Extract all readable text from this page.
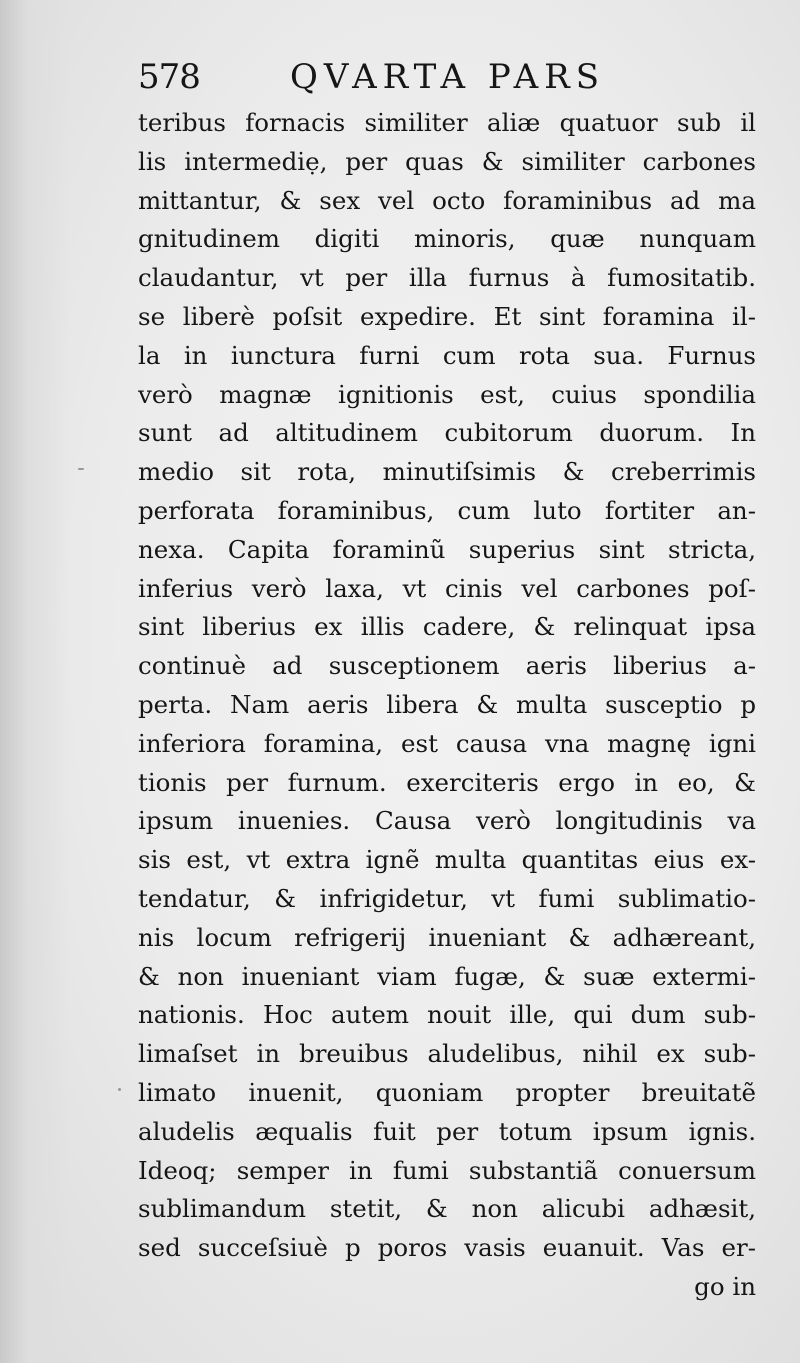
578	QVARTA PARS
teribus fornacis similiter aliæ quatuor sub il
lis intermediẹ, per quas & similiter carbones
mittantur, & sex vel octo foraminibus ad ma
gnitudinem digiti minoris, quæ nunquam
claudantur, vt per illa furnus à fumositatib.
se liberè poſsit expedire. Et sint foramina il-
la in iunctura furni cum rota sua. Furnus
verò magnæ ignitionis est, cuius spondilia
sunt ad altitudinem cubitorum duorum. In
medio sit rota, minutiſsimis & creberrimis
perforata foraminibus, cum luto fortiter an-
nexa. Capita foraminũ superius sint stricta,
inferius verò laxa, vt cinis vel carbones poſ-
sint liberius ex illis cadere, & relinquat ipsa
continuè ad susceptionem aeris liberius a-
perta. Nam aeris libera & multa susceptio p
inferiora foramina, est causa vna magnę igni
tionis per furnum. exerciteris ergo in eo, &
ipsum inuenies. Causa verò longitudinis va
sis est, vt extra ignẽ multa quantitas eius ex-
tendatur, & infrigidetur, vt fumi sublimatio-
nis locum refrigerij inueniant & adhæreant,
& non inueniant viam fugæ, & suæ extermi-
nationis. Hoc autem nouit ille, qui dum sub-
limaſset in breuibus aludelibus, nihil ex sub-
limato inuenit, quoniam propter breuitatẽ
aludelis æqualis fuit per totum ipsum ignis.
Ideoq; semper in fumi substantiã conuersum
sublimandum stetit, & non alicubi adhæsit,
sed succeſsiuè p poros vasis euanuit. Vas er-
go in
